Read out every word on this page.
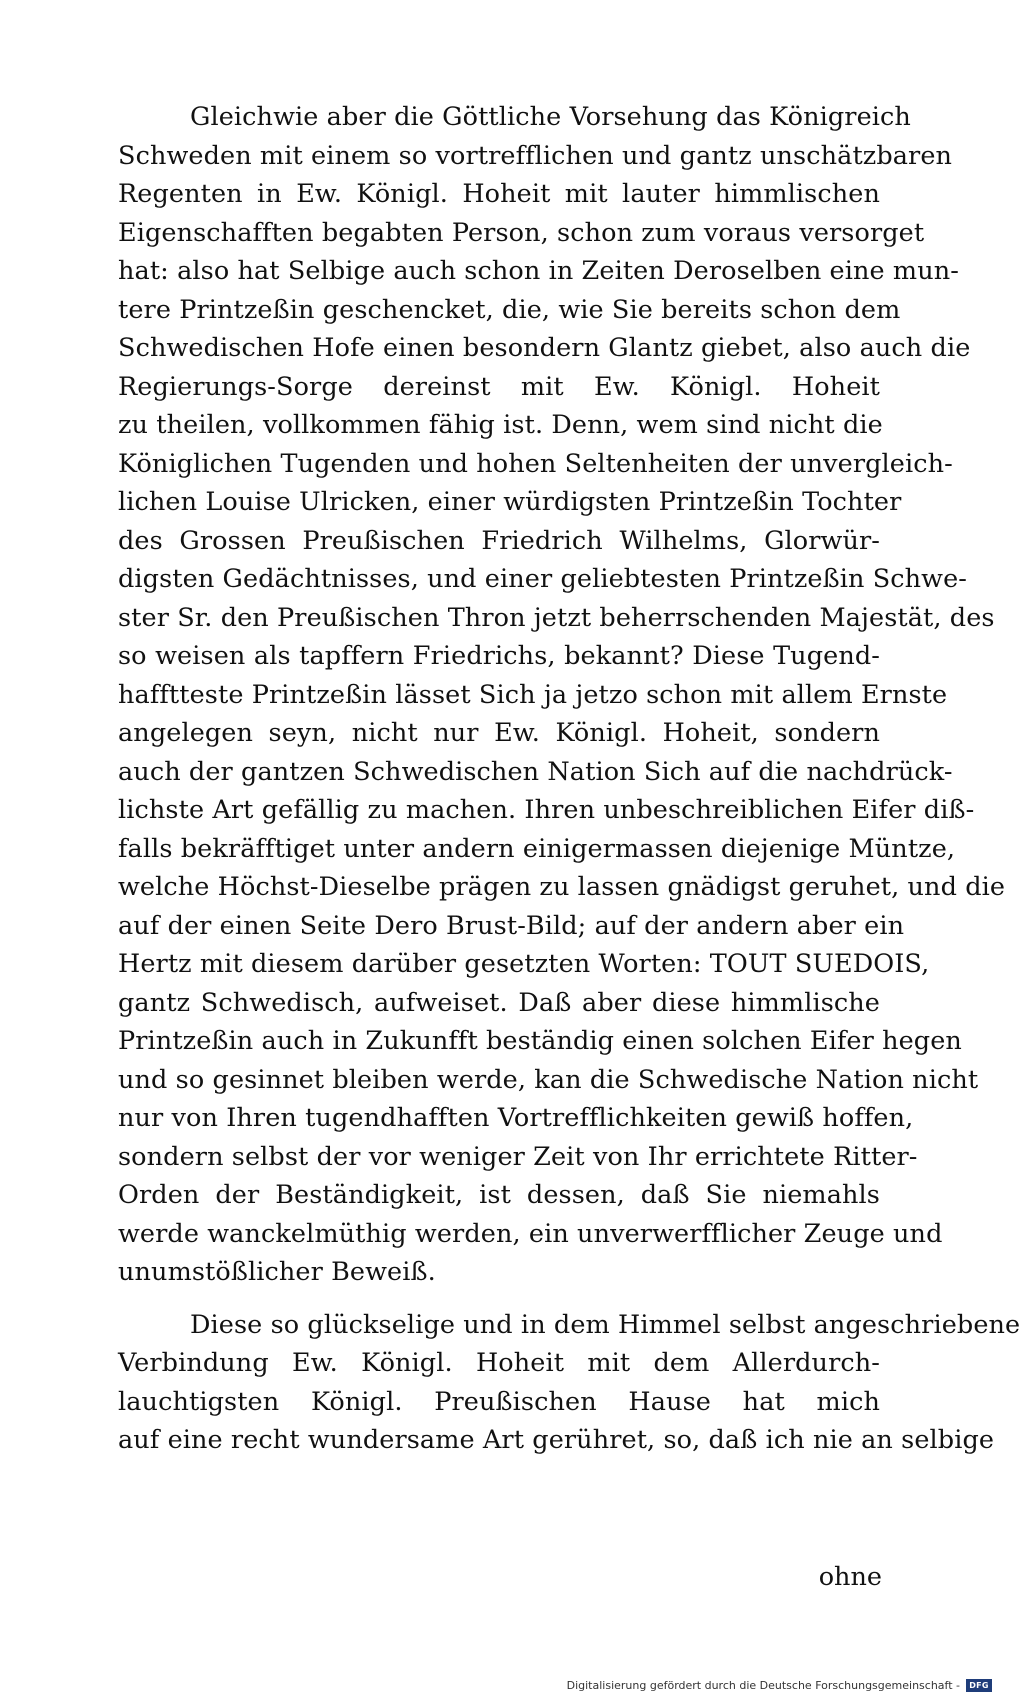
Gleichwie aber die Göttliche Vorsehung das Königreich
Schweden mit einem so vortrefflichen und gantz unschätzbaren
Regenten in Ew. Königl. Hoheit mit lauter himmlischen
Eigenschafften begabten Person, schon zum voraus versorget
hat: also hat Selbige auch schon in Zeiten Deroselben eine mun-
tere Printzeßin geschencket, die, wie Sie bereits schon dem
Schwedischen Hofe einen besondern Glantz giebet, also auch die
Regierungs-Sorge dereinst mit Ew. Königl. Hoheit
zu theilen, vollkommen fähig ist. Denn, wem sind nicht die
Königlichen Tugenden und hohen Seltenheiten der unvergleich-
lichen Louise Ulricken, einer würdigsten Printzeßin Tochter
des Grossen Preußischen Friedrich Wilhelms, Glorwür-
digsten Gedächtnisses, und einer geliebtesten Printzeßin Schwe-
ster Sr. den Preußischen Thron jetzt beherrschenden Majestät, des
so weisen als tapffern Friedrichs, bekannt? Diese Tugend-
hafftteste Printzeßin lässet Sich ja jetzo schon mit allem Ernste
angelegen seyn, nicht nur Ew. Königl. Hoheit, sondern
auch der gantzen Schwedischen Nation Sich auf die nachdrück-
lichste Art gefällig zu machen. Ihren unbeschreiblichen Eifer diß-
falls bekräfftiget unter andern einigermassen diejenige Müntze,
welche Höchst-Dieselbe prägen zu lassen gnädigst geruhet, und die
auf der einen Seite Dero Brust-Bild; auf der andern aber ein
Hertz mit diesem darüber gesetzten Worten: TOUT SUEDOIS,
gantz Schwedisch, aufweiset. Daß aber diese himmlische
Printzeßin auch in Zukunfft beständig einen solchen Eifer hegen
und so gesinnet bleiben werde, kan die Schwedische Nation nicht
nur von Ihren tugendhafften Vortrefflichkeiten gewiß hoffen,
sondern selbst der vor weniger Zeit von Ihr errichtete Ritter-
Orden der Beständigkeit, ist dessen, daß Sie niemahls
werde wanckelmüthig werden, ein unverwerfflicher Zeuge und
unumstößlicher Beweiß.
Diese so glückselige und in dem Himmel selbst angeschriebene
Verbindung Ew. Königl. Hoheit mit dem Allerdurch-
lauchtigsten Königl. Preußischen Hause hat mich
auf eine recht wundersame Art gerühret, so, daß ich nie an selbige
ohne
Digitalisierung gefördert durch die Deutsche Forschungsgemeinschaft -	DFG
